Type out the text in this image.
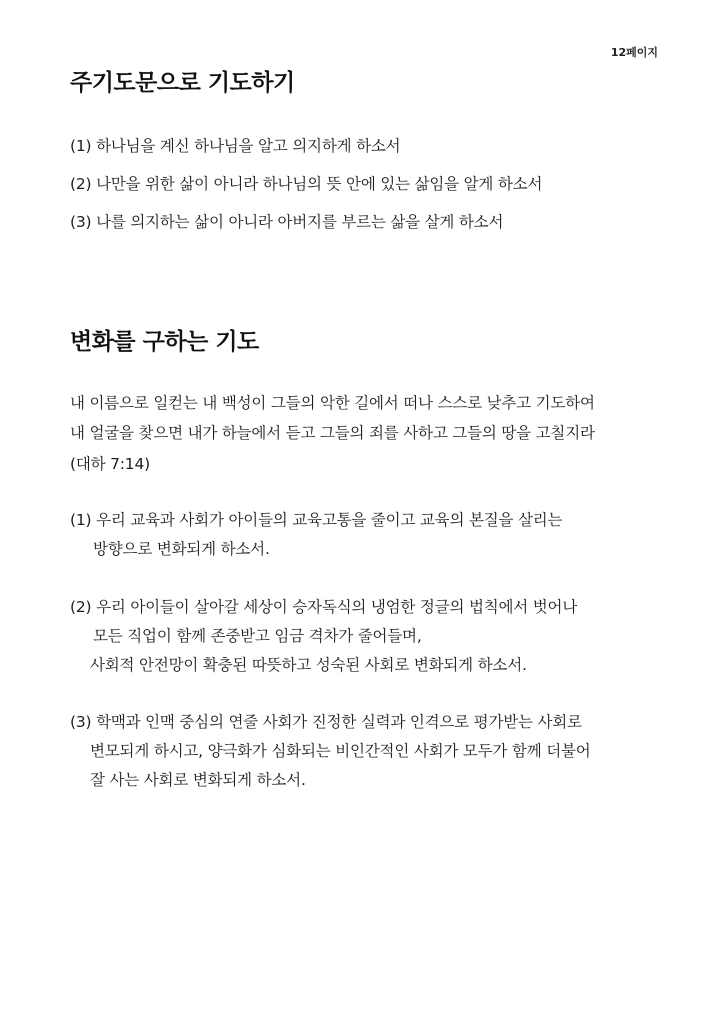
12페이지
주기도문으로 기도하기

(1) 하나님을 계신 하나님을 알고 의지하게 하소서

(2) 나만을 위한 삶이 아니라 하나님의 뜻 안에 있는 삶임을 알게 하소서

(3) 나를 의지하는 삶이 아니라 아버지를 부르는 삶을 살게 하소서

변화를 구하는 기도

내 이름으로 일컫는 내 백성이 그들의 악한 길에서 떠나 스스로 낮추고 기도하여

내 얼굴을 찾으면 내가 하늘에서 듣고 그들의 죄를 사하고 그들의 땅을 고칠지라

(대하 7:14)

(1) 우리 교육과 사회가 아이들의 교육고통을 줄이고 교육의 본질을 살리는

방향으로 변화되게 하소서.

(2) 우리 아이들이 살아갈 세상이 승자독식의 냉엄한 정글의 법칙에서 벗어나

모든 직업이 함께 존중받고 임금 격차가 줄어들며,

사회적 안전망이 확충된 따뜻하고 성숙된 사회로 변화되게 하소서.

(3) 학맥과 인맥 중심의 연줄 사회가 진정한 실력과 인격으로 평가받는 사회로

변모되게 하시고, 양극화가 심화되는 비인간적인 사회가 모두가 함께 더불어

잘 사는 사회로 변화되게 하소서.
